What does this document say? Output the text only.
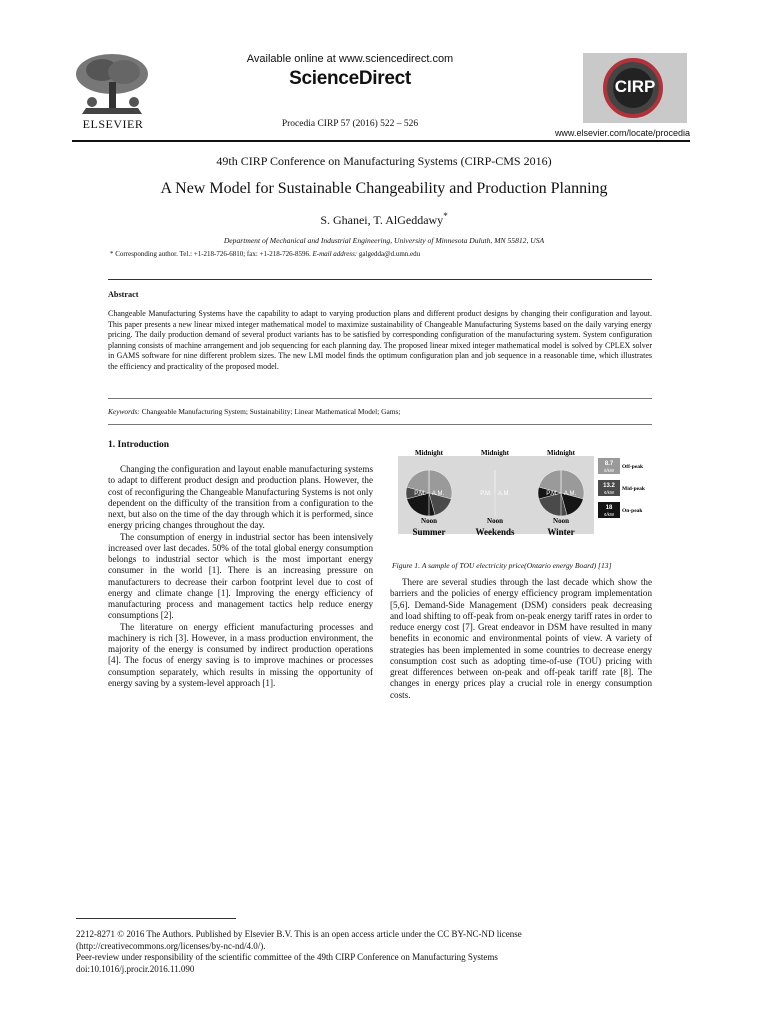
ELSEVIER
Available online at www.sciencedirect.com
ScienceDirect
Procedia CIRP 57 (2016) 522 – 526
CIRP
www.elsevier.com/locate/procedia
49th CIRP Conference on Manufacturing Systems (CIRP-CMS 2016)
A New Model for Sustainable Changeability and Production Planning
S. Ghanei, T. AlGeddawy*
Department of Mechanical and Industrial Engineering, University of Minnesota Duluth, MN 55812, USA
* Corresponding author. Tel.: +1-218-726-6810; fax: +1-218-726-8596. E-mail address: galgedda@d.umn.edu
Abstract
Changeable Manufacturing Systems have the capability to adapt to varying production plans and different product designs by changing their configuration and layout. This paper presents a new linear mixed integer mathematical model to maximize sustainability of Changeable Manufacturing Systems based on the daily varying energy pricing. The daily production demand of several product variants has to be satisfied by corresponding configuration of the manufacturing system. System configuration planning consists of machine arrangement and job sequencing for each planning day. The proposed linear mixed integer mathematical model is solved by CPLEX solver in GAMS software for nine different problem sizes. The new LMI model finds the optimum configuration plan and job sequence in a reasonable time, which illustrates the efficiency and practicality of the proposed model.
Keywords: Changeable Manufacturing System; Sustainability; Linear Mathematical Model; Gams;
1. Introduction

Changing the configuration and layout enable manufacturing systems to adapt to different product design and production plans. However, the cost of reconfiguring the Changeable Manufacturing Systems is not only dependent on the difficulty of the transition from a configuration to the next, but also on the time of the day through which it is performed, since energy pricing changes throughout the day.

The consumption of energy in industrial sector has been intensively increased over last decades. 50% of the total global energy consumption belongs to industrial sector which is the most important energy consumer in the world [1]. There is an increasing pressure on manufacturers to decrease their carbon footprint level due to cost of energy and climate change [1]. Improving the energy efficiency of manufacturing process and management tactics help reduce energy consumptions [2].

The literature on energy efficient manufacturing processes and machinery is rich [3]. However, in a mass production environment, the majority of the energy is consumed by indirect production operations [4]. The focus of energy saving is to improve machines or processes consumption separately, which results in missing the opportunity of energy saving by a system-level approach [1].

Midnight
Noon
P.M. A.M.
Summer
Midnight
Noon
P.M. A.M.
Weekends
Midnight
Noon
P.M. A.M.
Winter
8.7
¢/kW
Off-peak
13.2
¢/kW
Mid-peak
18
¢/kW
On-peak
Figure 1. A sample of TOU electricity price(Ontario energy Board) [13]

There are several studies through the last decade which show the barriers and the policies of energy efficiency program implementation [5,6]. Demand-Side Management (DSM) considers peak decreasing and load shifting to off-peak from on-peak energy tariff rates in order to reduce energy cost [7]. Great endeavor in DSM have resulted in many benefits in economic and environmental points of view. A variety of strategies has been implemented in some countries to decrease energy consumption cost such as adopting time-of-use (TOU) pricing with great differences between on-peak and off-peak tariff rate [8]. The changes in energy prices play a crucial role in energy consumption costs.

2212-8271 © 2016 The Authors. Published by Elsevier B.V. This is an open access article under the CC BY-NC-ND license
(http://creativecommons.org/licenses/by-nc-nd/4.0/).
Peer-review under responsibility of the scientific committee of the 49th CIRP Conference on Manufacturing Systems
doi:10.1016/j.procir.2016.11.090
